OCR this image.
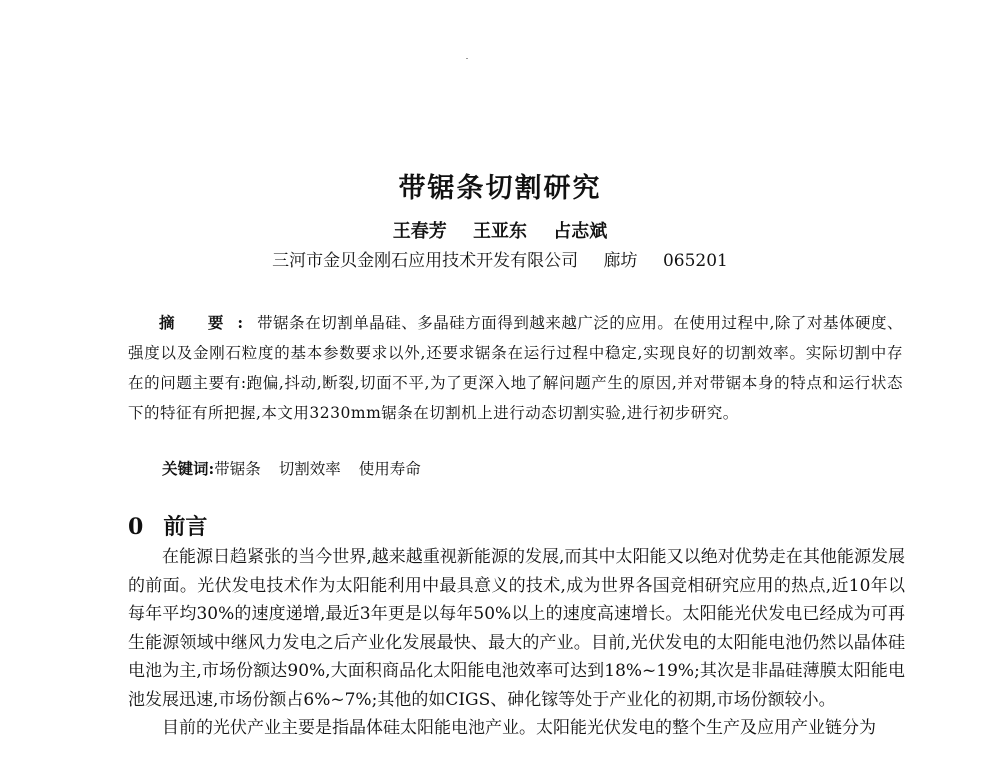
带锯条切割研究
王春芳 王亚东 占志斌
三河市金贝金刚石应用技术开发有限公司 廊坊 065201
摘 要:带锯条在切割单晶硅、多晶硅方面得到越来越广泛的应用。在使用过程中,除了对基体硬度、强度以及金刚石粒度的基本参数要求以外,还要求锯条在运行过程中稳定,实现良好的切割效率。实际切割中存在的问题主要有:跑偏,抖动,断裂,切面不平,为了更深入地了解问题产生的原因,并对带锯本身的特点和运行状态下的特征有所把握,本文用3230mm锯条在切割机上进行动态切割实验,进行初步研究。
关键词:带锯条 切割效率 使用寿命
0 前言

在能源日趋紧张的当今世界,越来越重视新能源的发展,而其中太阳能又以绝对优势走在其他能源发展的前面。光伏发电技术作为太阳能利用中最具意义的技术,成为世界各国竞相研究应用的热点,近10年以每年平均30%的速度递增,最近3年更是以每年50%以上的速度高速增长。太阳能光伏发电已经成为可再生能源领域中继风力发电之后产业化发展最快、最大的产业。目前,光伏发电的太阳能电池仍然以晶体硅电池为主,市场份额达90%,大面积商品化太阳能电池效率可达到18%~19%;其次是非晶硅薄膜太阳能电池发展迅速,市场份额占6%~7%;其他的如CIGS、砷化镓等处于产业化的初期,市场份额较小。

目前的光伏产业主要是指晶体硅太阳能电池产业。太阳能光伏发电的整个生产及应用产业链分为
